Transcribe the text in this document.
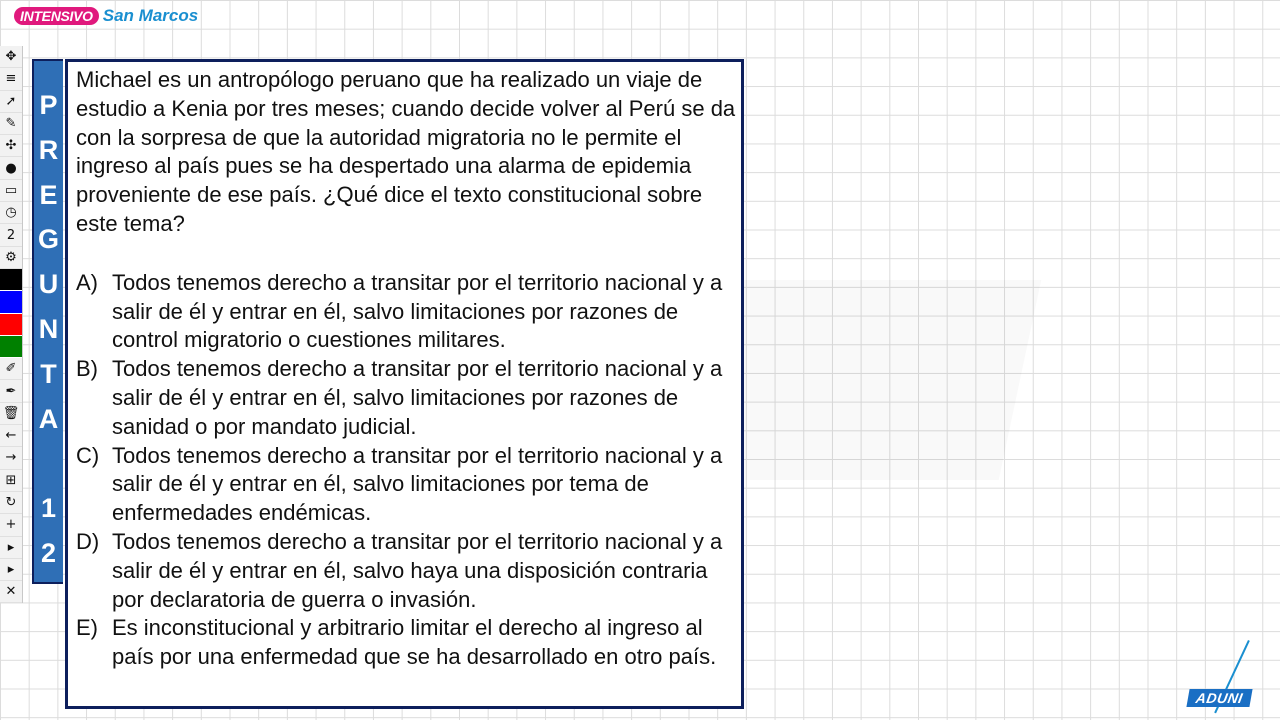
INTENSIVO San Marcos
✥
≡
➚
✎
✣
●
▭
◷
2
⚙
✐
✒
🗑
←
→
⊞
↻
+
▸
▸
✕
P
R
E
G
U
N
T
A
1
2

Michael es un antropólogo peruano que ha realizado un viaje de estudio a Kenia por tres meses; cuando decide volver al Perú se da con la sorpresa de que la autoridad migratoria no le permite el ingreso al país pues se ha despertado una alarma de epidemia proveniente de ese país. ¿Qué dice el texto constitucional sobre este tema?

A) Todos tenemos derecho a transitar por el territorio nacional y a salir de él y entrar en él, salvo limitaciones por razones de control migratorio o cuestiones militares.
B) Todos tenemos derecho a transitar por el territorio nacional y a salir de él y entrar en él, salvo limitaciones por razones de sanidad o por mandato judicial.
C) Todos tenemos derecho a transitar por el territorio nacional y a salir de él y entrar en él, salvo limitaciones por tema de enfermedades endémicas.
D) Todos tenemos derecho a transitar por el territorio nacional y a salir de él y entrar en él, salvo haya una disposición contraria por declaratoria de guerra o invasión.
E) Es inconstitucional y arbitrario limitar el derecho al ingreso al país por una enfermedad que se ha desarrollado en otro país.
ADUNI
